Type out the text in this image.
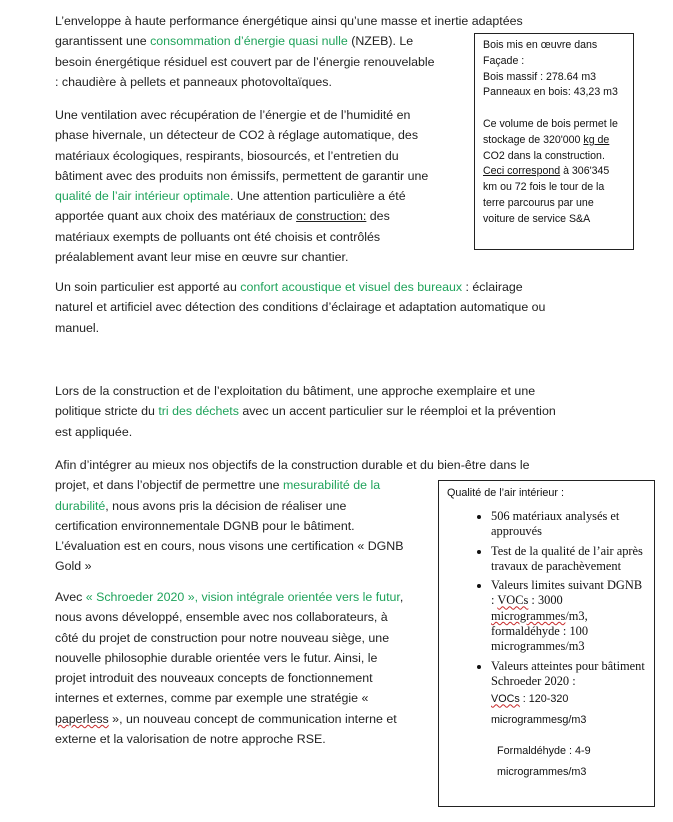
L’enveloppe à haute performance énergétique ainsi qu’une masse et inertie adaptées
garantissent une consommation d’énergie quasi nulle (NZEB). Le
besoin énergétique résiduel est couvert par de l’énergie renouvelable
: chaudière à pellets et panneaux photovoltaïques.

Une ventilation avec récupération de l’énergie et de l’humidité en
phase hivernale, un détecteur de CO2 à réglage automatique, des
matériaux écologiques, respirants, biosourcés, et l’entretien du
bâtiment avec des produits non émissifs, permettent de garantir une
qualité de l’air intérieur optimale. Une attention particulière a été
apportée quant aux choix des matériaux de construction: des
matériaux exempts de polluants ont été choisis et contrôlés
préalablement avant leur mise en œuvre sur chantier.

Un soin particulier est apporté au confort acoustique et visuel des bureaux : éclairage
naturel et artificiel avec détection des conditions d’éclairage et adaptation automatique ou
manuel.

Lors de la construction et de l’exploitation du bâtiment, une approche exemplaire et une
politique stricte du tri des déchets avec un accent particulier sur le réemploi et la prévention
est appliquée.

Afin d’intégrer au mieux nos objectifs de la construction durable et du bien-être dans le
projet, et dans l’objectif de permettre une mesurabilité de la
durabilité, nous avons pris la décision de réaliser une
certification environnementale DGNB pour le bâtiment.
L’évaluation est en cours, nous visons une certification « DGNB
Gold »

Avec « Schroeder 2020 », vision intégrale orientée vers le futur,
nous avons développé, ensemble avec nos collaborateurs, à
côté du projet de construction pour notre nouveau siège, une
nouvelle philosophie durable orientée vers le futur. Ainsi, le
projet introduit des nouveaux concepts de fonctionnement
internes et externes, comme par exemple une stratégie «
paperless », un nouveau concept de communication interne et
externe et la valorisation de notre approche RSE.

Bois mis en œuvre dans

Façade :

Bois massif : 278.64 m3

Panneaux en bois: 43,23 m3

Ce volume de bois permet le

stockage de 320'000 kg de

CO2 dans la construction.

Ceci correspond à 306'345

km ou 72 fois le tour de la

terre parcourus par une

voiture de service S&A

Qualité de l’air intérieur :

• 506 matériaux analysés et approuvés
• Test de la qualité de l’air après travaux de parachèvement
• Valeurs limites suivant DGNB : VOCs : 3000 microgrammes/m3, formaldéhyde : 100 microgrammes/m3
• Valeurs atteintes pour bâtiment Schroeder 2020 :
VOCs : 120-320
microgrammesg/m3

Formaldéhyde : 4-9
microgrammes/m3
